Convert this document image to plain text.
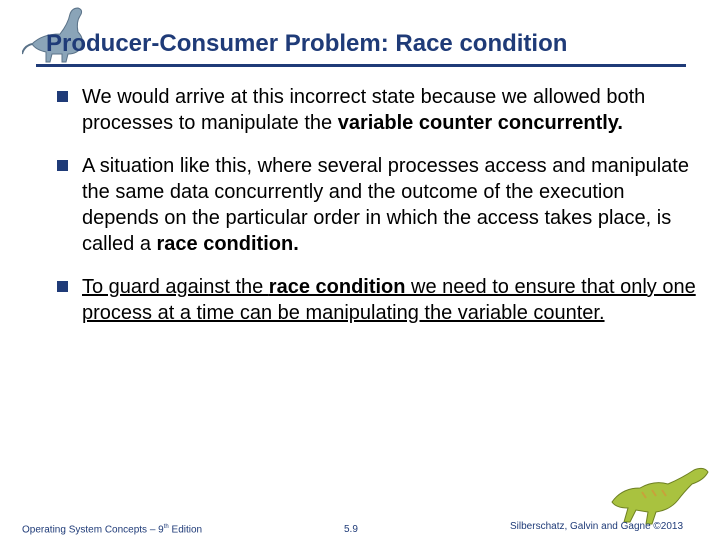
Producer-Consumer Problem: Race condition
We would arrive at this incorrect state because we allowed both processes to manipulate the variable counter concurrently.
A situation like this, where several processes access and manipulate the same data concurrently and the outcome of the execution depends on the particular order in which the access takes place, is called a race condition.
To guard against the race condition we need to ensure that only one process at a time can be manipulating the variable counter.
Operating System Concepts – 9th Edition	5.9	Silberschatz, Galvin and Gagne ©2013
